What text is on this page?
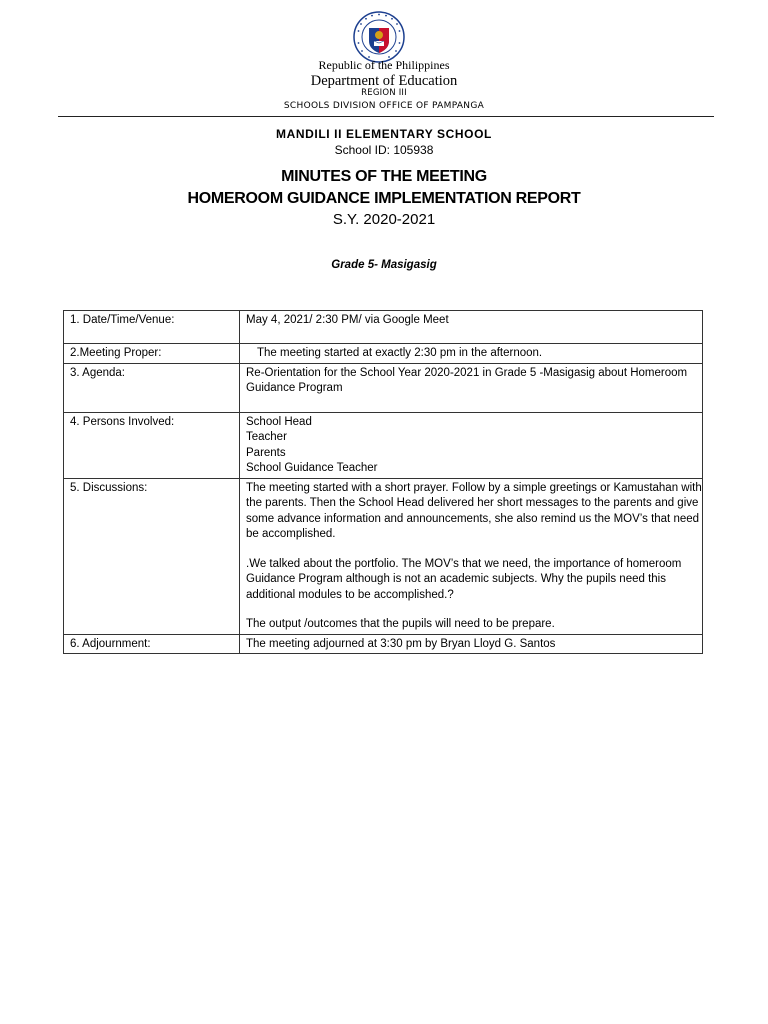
Republic of the Philippines
Department of Education
REGION III
SCHOOLS DIVISION OFFICE OF PAMPANGA
MANDILI II ELEMENTARY SCHOOL
School ID: 105938
MINUTES OF THE MEETING
HOMEROOM GUIDANCE IMPLEMENTATION REPORT
S.Y. 2020-2021
Grade 5- Masigasig
1. Date/Time/Venue:	May 4, 2021/ 2:30 PM/ via Google Meet
2.Meeting Proper:	The meeting started at exactly 2:30 pm in the afternoon.
3. Agenda:	Re-Orientation for the School Year 2020-2021 in Grade 5 -Masigasig about Homeroom Guidance Program
4. Persons Involved:	School Head
Teacher
Parents
School Guidance Teacher

5. Discussions:	The meeting started with a short prayer. Follow by a simple greetings or Kamustahan with the parents. Then the School Head delivered her short messages to the parents and give some advance information and announcements, she also remind us the MOV’s that need be accomplished.

.We talked about the portfolio. The MOV’s that we need, the importance of homeroom Guidance Program although is not an academic subjects. Why the pupils need this additional modules to be accomplished.?

The output /outcomes that the pupils will need to be prepare.

6. Adjournment:	The meeting adjourned at 3:30 pm by Bryan Lloyd G. Santos
